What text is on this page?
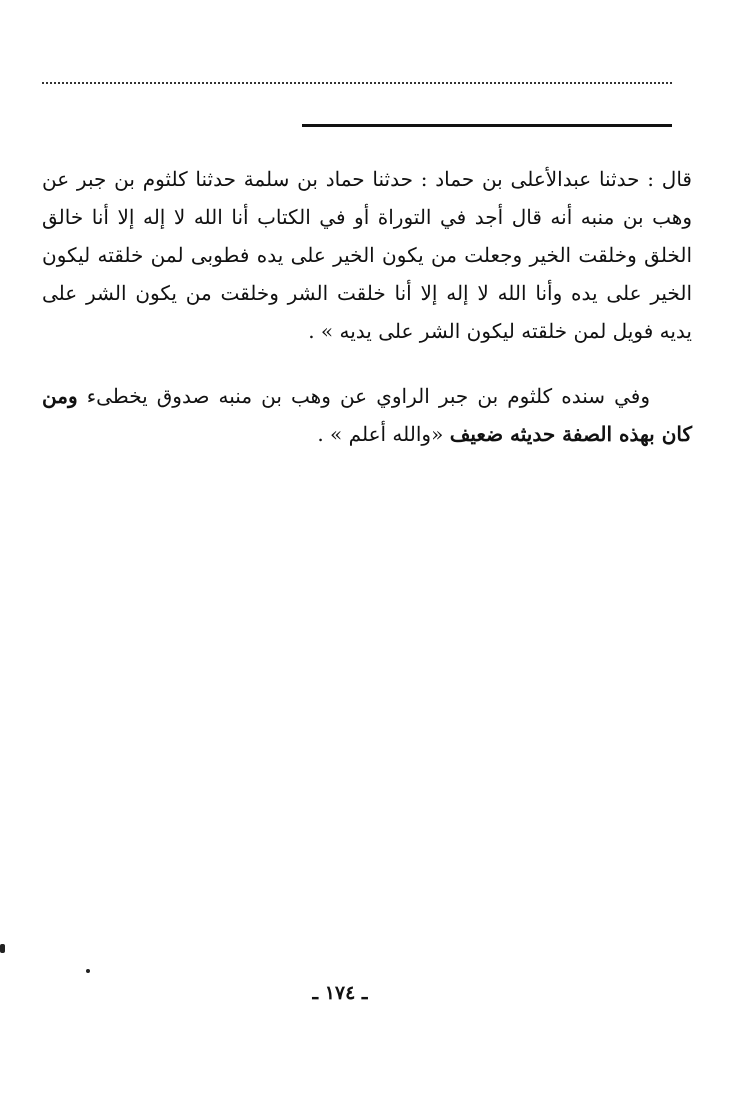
قال : حدثنا عبدالأعلى بن حماد : حدثنا حماد بن سلمة حدثنا كلثوم بن جبر عن وهب بن منبه أنه قال أجد في التوراة أو في الكتاب أنا الله لا إله إلا أنا خالق الخلق وخلقت الخير وجعلت من يكون الخير على يده فطوبى لمن خلقته ليكون الخير على يده وأنا الله لا إله إلا أنا خلقت الشر وخلقت من يكون الشر على يديه فويل لمن خلقته ليكون الشر على يديه » .

وفي سنده كلثوم بن جبر الراوي عن وهب بن منبه صدوق يخطىء ومن كان بهذه الصفة حديثه ضعيف «والله أعلم » .

ـ ١٧٤ ـ
